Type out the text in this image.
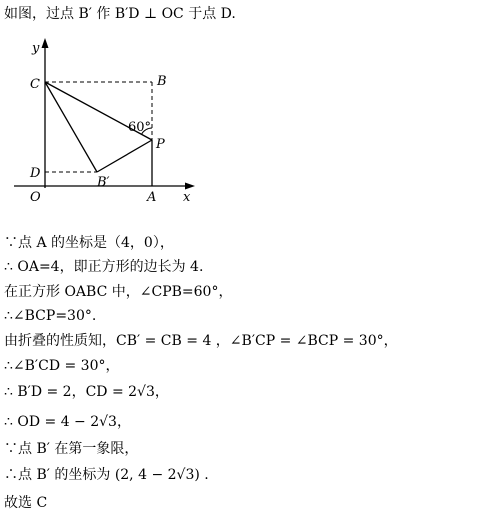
y
C	B
60°
P
D
B′
O	A x
如图，过点 B′ 作 B′D ⊥ OC 于点 D.
∵点 A 的坐标是（4，0），
∴ OA=4，即正方形的边长为 4.
在正方形 OABC 中，∠CPB=60°，
∴∠BCP=30°.
由折叠的性质知，CB′ = CB = 4 ，∠B′CP = ∠BCP = 30°，
∴∠B′CD = 30°，
∴ B′D = 2，CD = 2√3，
∴ OD = 4 − 2√3，
∵点 B′ 在第一象限，
∴点 B′ 的坐标为 (2, 4 − 2√3) .
故选 C
